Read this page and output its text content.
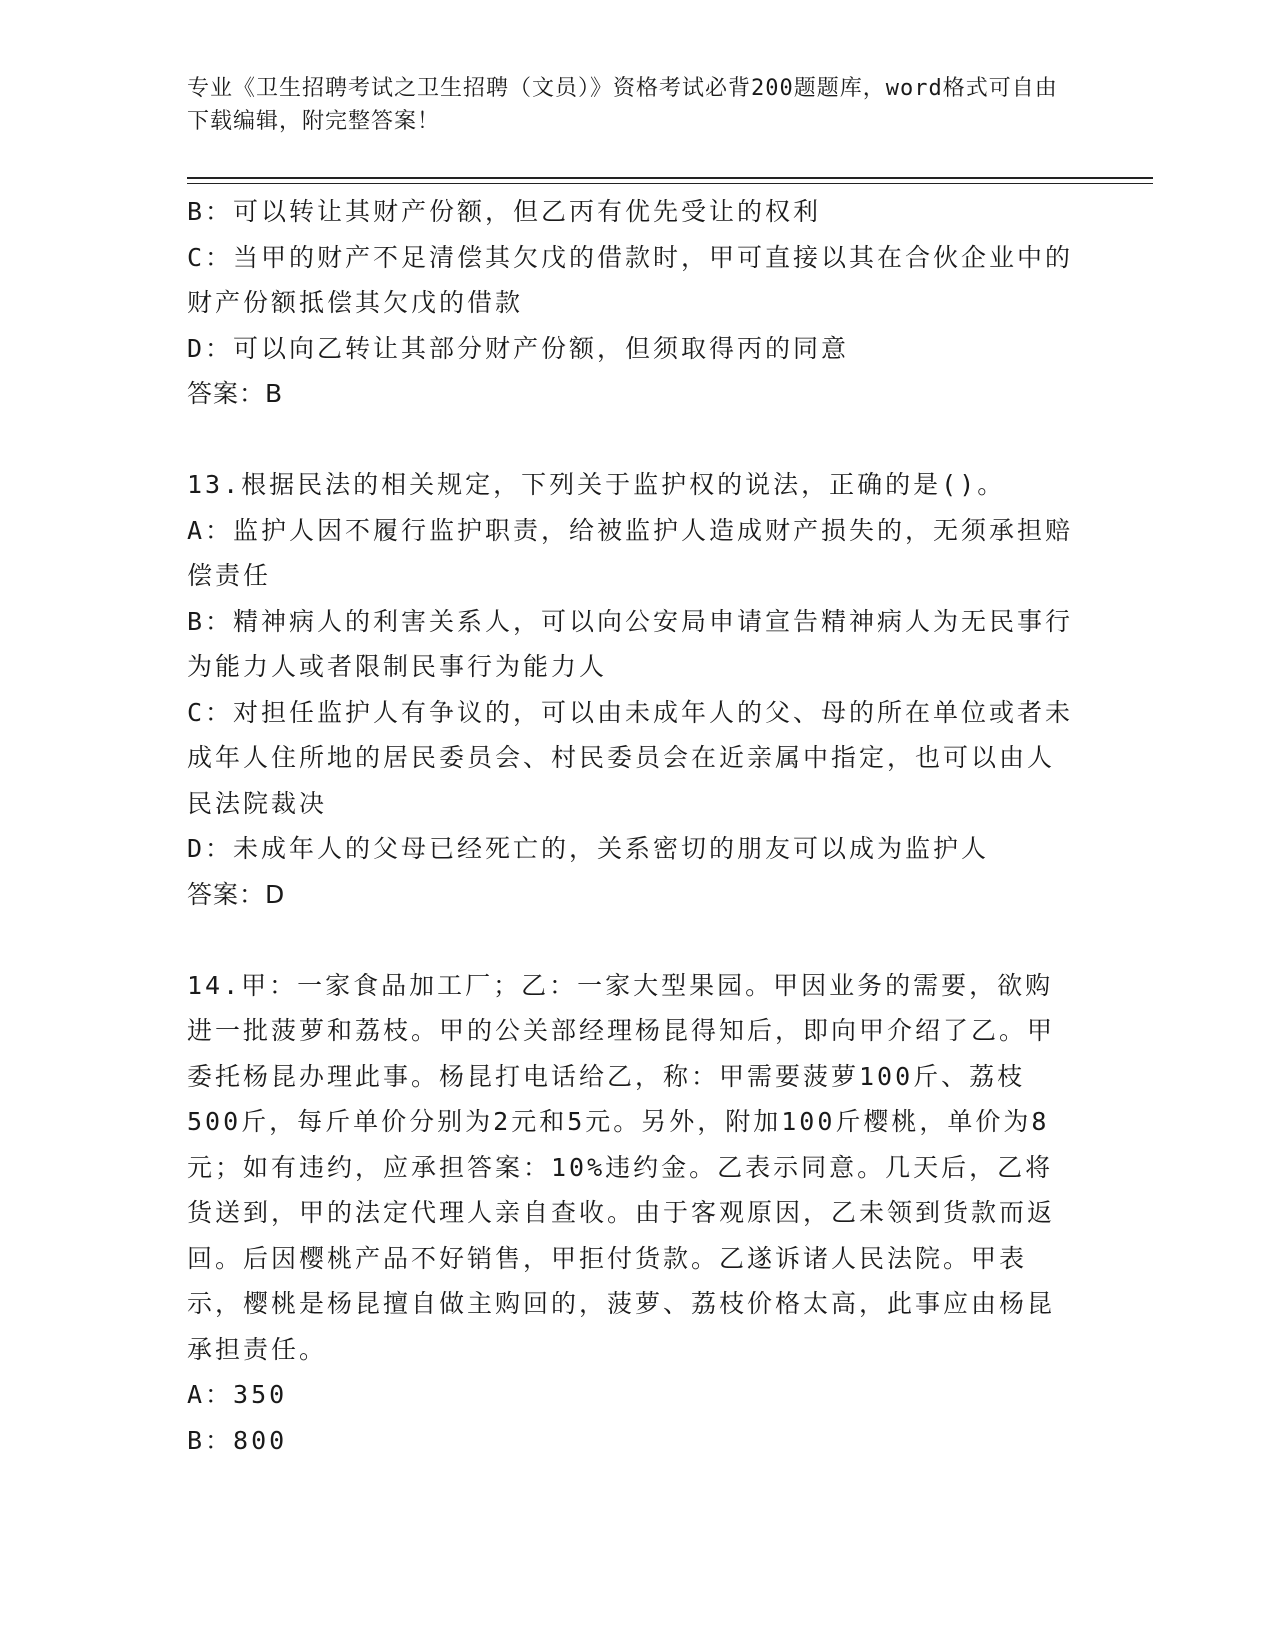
专业《卫生招聘考试之卫生招聘（文员）》资格考试必背200题题库，word格式可自由下载编辑，附完整答案！

B：可以转让其财产份额，但乙丙有优先受让的权利

C：当甲的财产不足清偿其欠戊的借款时，甲可直接以其在合伙企业中的财产份额抵偿其欠戊的借款

D：可以向乙转让其部分财产份额，但须取得丙的同意

答案：B

13.根据民法的相关规定，下列关于监护权的说法，正确的是()。

A：监护人因不履行监护职责，给被监护人造成财产损失的，无须承担赔偿责任

B：精神病人的利害关系人，可以向公安局申请宣告精神病人为无民事行为能力人或者限制民事行为能力人

C：对担任监护人有争议的，可以由未成年人的父、母的所在单位或者未成年人住所地的居民委员会、村民委员会在近亲属中指定，也可以由人民法院裁决

D：未成年人的父母已经死亡的，关系密切的朋友可以成为监护人

答案：D

14.甲：一家食品加工厂；乙：一家大型果园。甲因业务的需要，欲购进一批菠萝和荔枝。甲的公关部经理杨昆得知后，即向甲介绍了乙。甲委托杨昆办理此事。杨昆打电话给乙，称：甲需要菠萝100斤、荔枝500斤，每斤单价分别为2元和5元。另外，附加100斤樱桃，单价为8元；如有违约，应承担答案：10%违约金。乙表示同意。几天后，乙将货送到，甲的法定代理人亲自查收。由于客观原因，乙未领到货款而返回。后因樱桃产品不好销售，甲拒付货款。乙遂诉诸人民法院。甲表示，樱桃是杨昆擅自做主购回的，菠萝、荔枝价格太高，此事应由杨昆承担责任。

A：350

B：800
